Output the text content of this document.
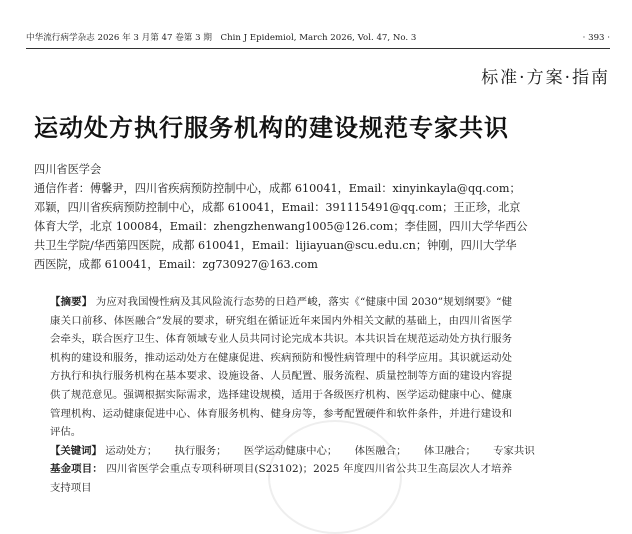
中华流行病学杂志 2026 年 3 月第 47 卷第 3 期　Chin J Epidemiol, March 2026, Vol. 47, No. 3	· 393 ·
标准·方案·指南
运动处方执行服务机构的建设规范专家共识
四川省医学会
通信作者：傅馨尹，四川省疾病预防控制中心，成都 610041，Email：xinyinkayla@qq.com；
邓颖，四川省疾病预防控制中心，成都 610041，Email：391115491@qq.com；王正珍，北京
体育大学，北京 100084，Email：zhengzhenwang1005@126.com；李佳圆，四川大学华西公
共卫生学院/华西第四医院，成都 610041，Email：lijiayuan@scu.edu.cn；钟刚，四川大学华
西医院，成都 610041，Email：zg730927@163.com

【摘要】 为应对我国慢性病及其风险流行态势的日趋严峻，落实《“健康中国 2030”规划纲要》“健康关口前移、体医融合”发展的要求，研究组在循证近年来国内外相关文献的基础上，由四川省医学会牵头，联合医疗卫生、体育领域专业人员共同讨论完成本共识。本共识旨在规范运动处方执行服务机构的建设和服务，推动运动处方在健康促进、疾病预防和慢性病管理中的科学应用。其识就运动处方执行和执行服务机构在基本要求、设施设备、人员配置、服务流程、质量控制等方面的建设内容提供了规范意见。强调根据实际需求，选择建设规模，适用于各级医疗机构、医学运动健康中心、健康管理机构、运动健康促进中心、体育服务机构、健身房等，参考配置硬件和软件条件，并进行建设和评估。

【关键词】 运动处方； 执行服务； 医学运动健康中心； 体医融合； 体卫融合； 专家共识

基金项目： 四川省医学会重点专项科研项目(S23102)；2025 年度四川省公共卫生高层次人才培养支持项目
